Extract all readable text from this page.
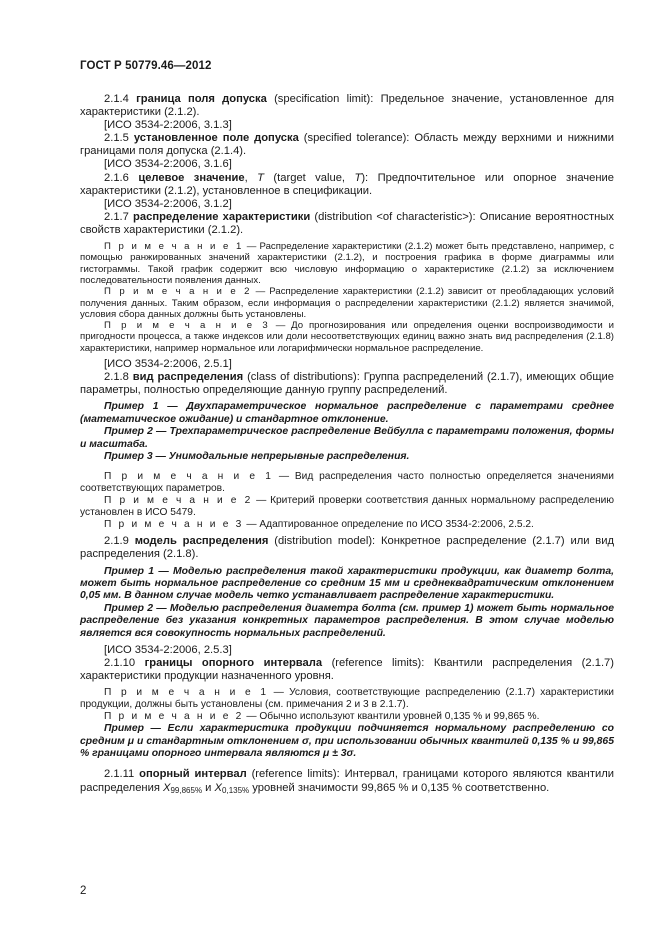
ГОСТ Р 50779.46—2012

2.1.4 граница поля допуска (specification limit): Предельное значение, установленное для характеристики (2.1.2).

[ИСО 3534-2:2006, 3.1.3]

2.1.5 установленное поле допуска (specified tolerance): Область между верхними и нижними границами поля допуска (2.1.4).

[ИСО 3534-2:2006, 3.1.6]

2.1.6 целевое значение, T (target value, T): Предпочтительное или опорное значение характеристики (2.1.2), установленное в спецификации.

[ИСО 3534-2:2006, 3.1.2]

2.1.7 распределение характеристики (distribution <of characteristic>): Описание вероятностных свойств характеристики (2.1.2).

П р и м е ч а н и е 1 — Распределение характеристики (2.1.2) может быть представлено, например, с помощью ранжированных значений характеристики (2.1.2), и построения графика в форме диаграммы или гистограммы. Такой график содержит всю числовую информацию о характеристике (2.1.2) за исключением последовательности появления данных.

П р и м е ч а н и е 2 — Распределение характеристики (2.1.2) зависит от преобладающих условий получения данных. Таким образом, если информация о распределении характеристики (2.1.2) является значимой, условия сбора данных должны быть установлены.

П р и м е ч а н и е 3 — До прогнозирования или определения оценки воспроизводимости и пригодности процесса, а также индексов или доли несоответствующих единиц важно знать вид распределения (2.1.8) характеристики, например нормальное или логарифмически нормальное распределение.

[ИСО 3534-2:2006, 2.5.1]

2.1.8 вид распределения (class of distributions): Группа распределений (2.1.7), имеющих общие параметры, полностью определяющие данную группу распределений.

Пример 1 — Двухпараметрическое нормальное распределение с параметрами среднее (математическое ожидание) и стандартное отклонение.

Пример 2 — Трехпараметрическое распределение Вейбулла с параметрами положения, формы и масштаба.

Пример 3 — Унимодальные непрерывные распределения.

П р и м е ч а н и е 1 — Вид распределения часто полностью определяется значениями соответствующих параметров.

П р и м е ч а н и е 2 — Критерий проверки соответствия данных нормальному распределению установлен в ИСО 5479.

П р и м е ч а н и е 3 — Адаптированное определение по ИСО 3534-2:2006, 2.5.2.

2.1.9 модель распределения (distribution model): Конкретное распределение (2.1.7) или вид распределения (2.1.8).

Пример 1 — Моделью распределения такой характеристики продукции, как диаметр болта, может быть нормальное распределение со средним 15 мм и среднеквадратическим отклонением 0,05 мм. В данном случае модель четко устанавливает распределение характеристики.

Пример 2 — Моделью распределения диаметра болта (см. пример 1) может быть нормальное распределение без указания конкретных параметров распределения. В этом случае моделью является вся совокупность нормальных распределений.

[ИСО 3534-2:2006, 2.5.3]

2.1.10 границы опорного интервала (reference limits): Квантили распределения (2.1.7) характеристики продукции назначенного уровня.

П р и м е ч а н и е 1 — Условия, соответствующие распределению (2.1.7) характеристики продукции, должны быть установлены (см. примечания 2 и 3 в 2.1.7).

П р и м е ч а н и е 2 — Обычно используют квантили уровней 0,135 % и 99,865 %.

Пример — Если характеристика продукции подчиняется нормальному распределению со средним μ и стандартным отклонением σ, при использовании обычных квантилей 0,135 % и 99,865 % границами опорного интервала являются μ ± 3σ.

2.1.11 опорный интервал (reference limits): Интервал, границами которого являются квантили распределения $X_{99,865\%}$ и $X_{0,135\%}$ уровней значимости 99,865 % и 0,135 % соответственно.

2
